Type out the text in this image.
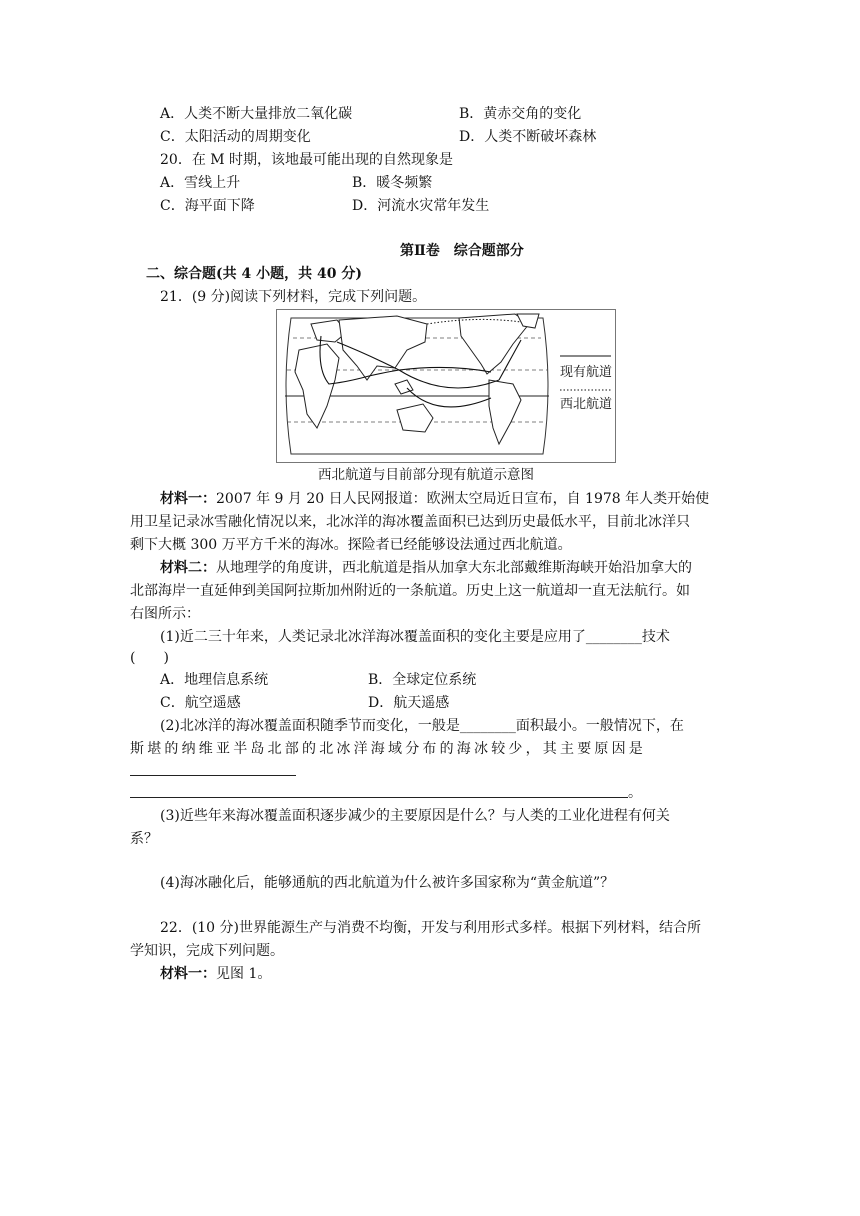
A．人类不断大量排放二氧化碳	B．黄赤交角的变化
C．太阳活动的周期变化	D．人类不断破坏森林
20．在 M 时期，该地最可能出现的自然现象是
A．雪线上升	B．暖冬频繁
C．海平面下降	D．河流水灾常年发生
第Ⅱ卷　综合题部分
二、综合题(共 4 小题，共 40 分)
21．(9 分)阅读下列材料，完成下列问题。
现有航道
西北航道
西北航道与目前部分现有航道示意图
材料一：2007 年 9 月 20 日人民网报道：欧洲太空局近日宣布，自 1978 年人类开始使
用卫星记录冰雪融化情况以来，北冰洋的海冰覆盖面积已达到历史最低水平，目前北冰洋只
剩下大概 300 万平方千米的海冰。探险者已经能够设法通过西北航道。
材料二：从地理学的角度讲，西北航道是指从加拿大东北部戴维斯海峡开始沿加拿大的
北部海岸一直延伸到美国阿拉斯加州附近的一条航道。历史上这一航道却一直无法航行。如
右图所示：
(1)近二三十年来，人类记录北冰洋海冰覆盖面积的变化主要是应用了________技术
(　　)
A．地理信息系统	B．全球定位系统
C．航空遥感	D．航天遥感
(2)北冰洋的海冰覆盖面积随季节而变化，一般是________面积最小。一般情况下，在
斯堪的纳维亚半岛北部的北冰洋海域分布的海冰较少，其主要原因是
。
(3)近些年来海冰覆盖面积逐步减少的主要原因是什么？与人类的工业化进程有何关
系？
(4)海冰融化后，能够通航的西北航道为什么被许多国家称为“黄金航道”？
22．(10 分)世界能源生产与消费不均衡，开发与利用形式多样。根据下列材料，结合所
学知识，完成下列问题。
材料一：见图 1。
